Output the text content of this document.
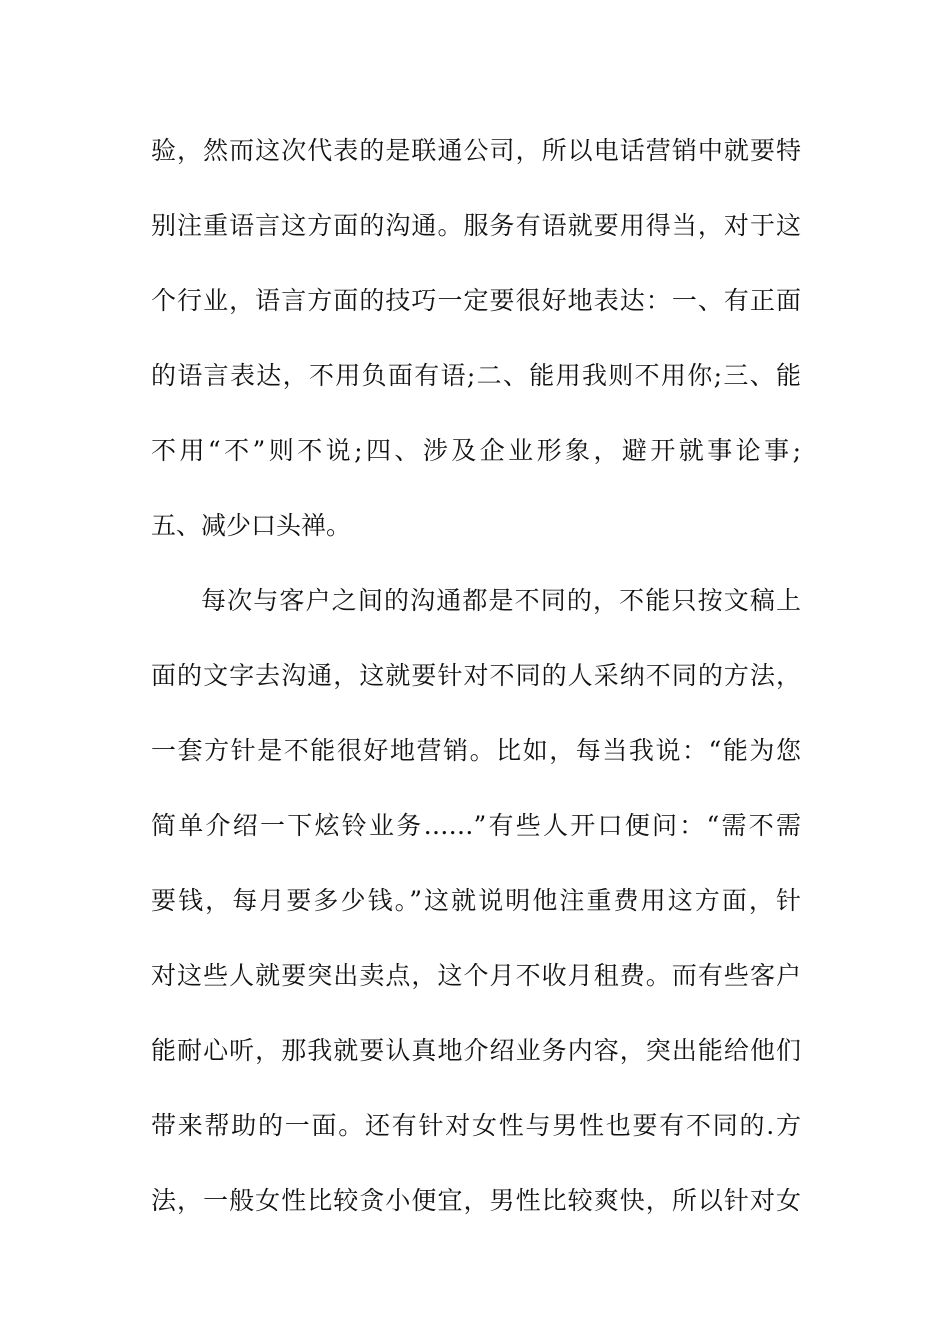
验，然而这次代表的是联通公司，所以电话营销中就要特
别注重语言这方面的沟通。服务有语就要用得当，对于这
个行业，语言方面的技巧一定要很好地表达：一、有正面
的语言表达，不用负面有语;二、能用我则不用你;三、能
不用“不”则不说;四、涉及企业形象，避开就事论事;
五、减少口头禅。
每次与客户之间的沟通都是不同的，不能只按文稿上
面的文字去沟通，这就要针对不同的人采纳不同的方法，
一套方针是不能很好地营销。比如，每当我说：“能为您
简单介绍一下炫铃业务……”有些人开口便问：“需不需
要钱，每月要多少钱。”这就说明他注重费用这方面，针
对这些人就要突出卖点，这个月不收月租费。而有些客户
能耐心听，那我就要认真地介绍业务内容，突出能给他们
带来帮助的一面。还有针对女性与男性也要有不同的.方
法，一般女性比较贪小便宜，男性比较爽快，所以针对女
